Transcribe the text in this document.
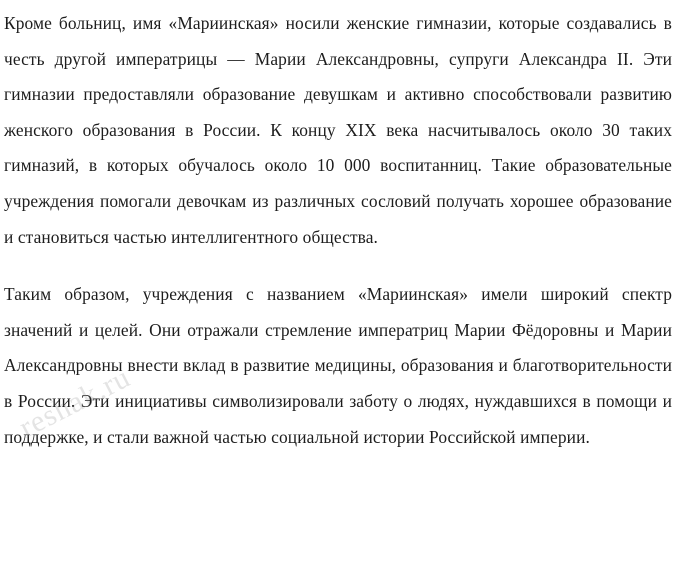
Кроме больниц, имя «Мариинская» носили женские гимназии, которые создавались в честь другой императрицы — Марии Александровны, супруги Александра II. Эти гимназии предоставляли образование девушкам и активно способствовали развитию женского образования в России. К концу XIX века насчитывалось около 30 таких гимназий, в которых обучалось около 10 000 воспитанниц. Такие образовательные учреждения помогали девочкам из различных сословий получать хорошее образование и становиться частью интеллигентного общества.

Таким образом, учреждения с названием «Мариинская» имели широкий спектр значений и целей. Они отражали стремление императриц Марии Фёдоровны и Марии Александровны внести вклад в развитие медицины, образования и благотворительности в России. Эти инициативы символизировали заботу о людях, нуждавшихся в помощи и поддержке, и стали важной частью социальной истории Российской империи.

reshak.ru
